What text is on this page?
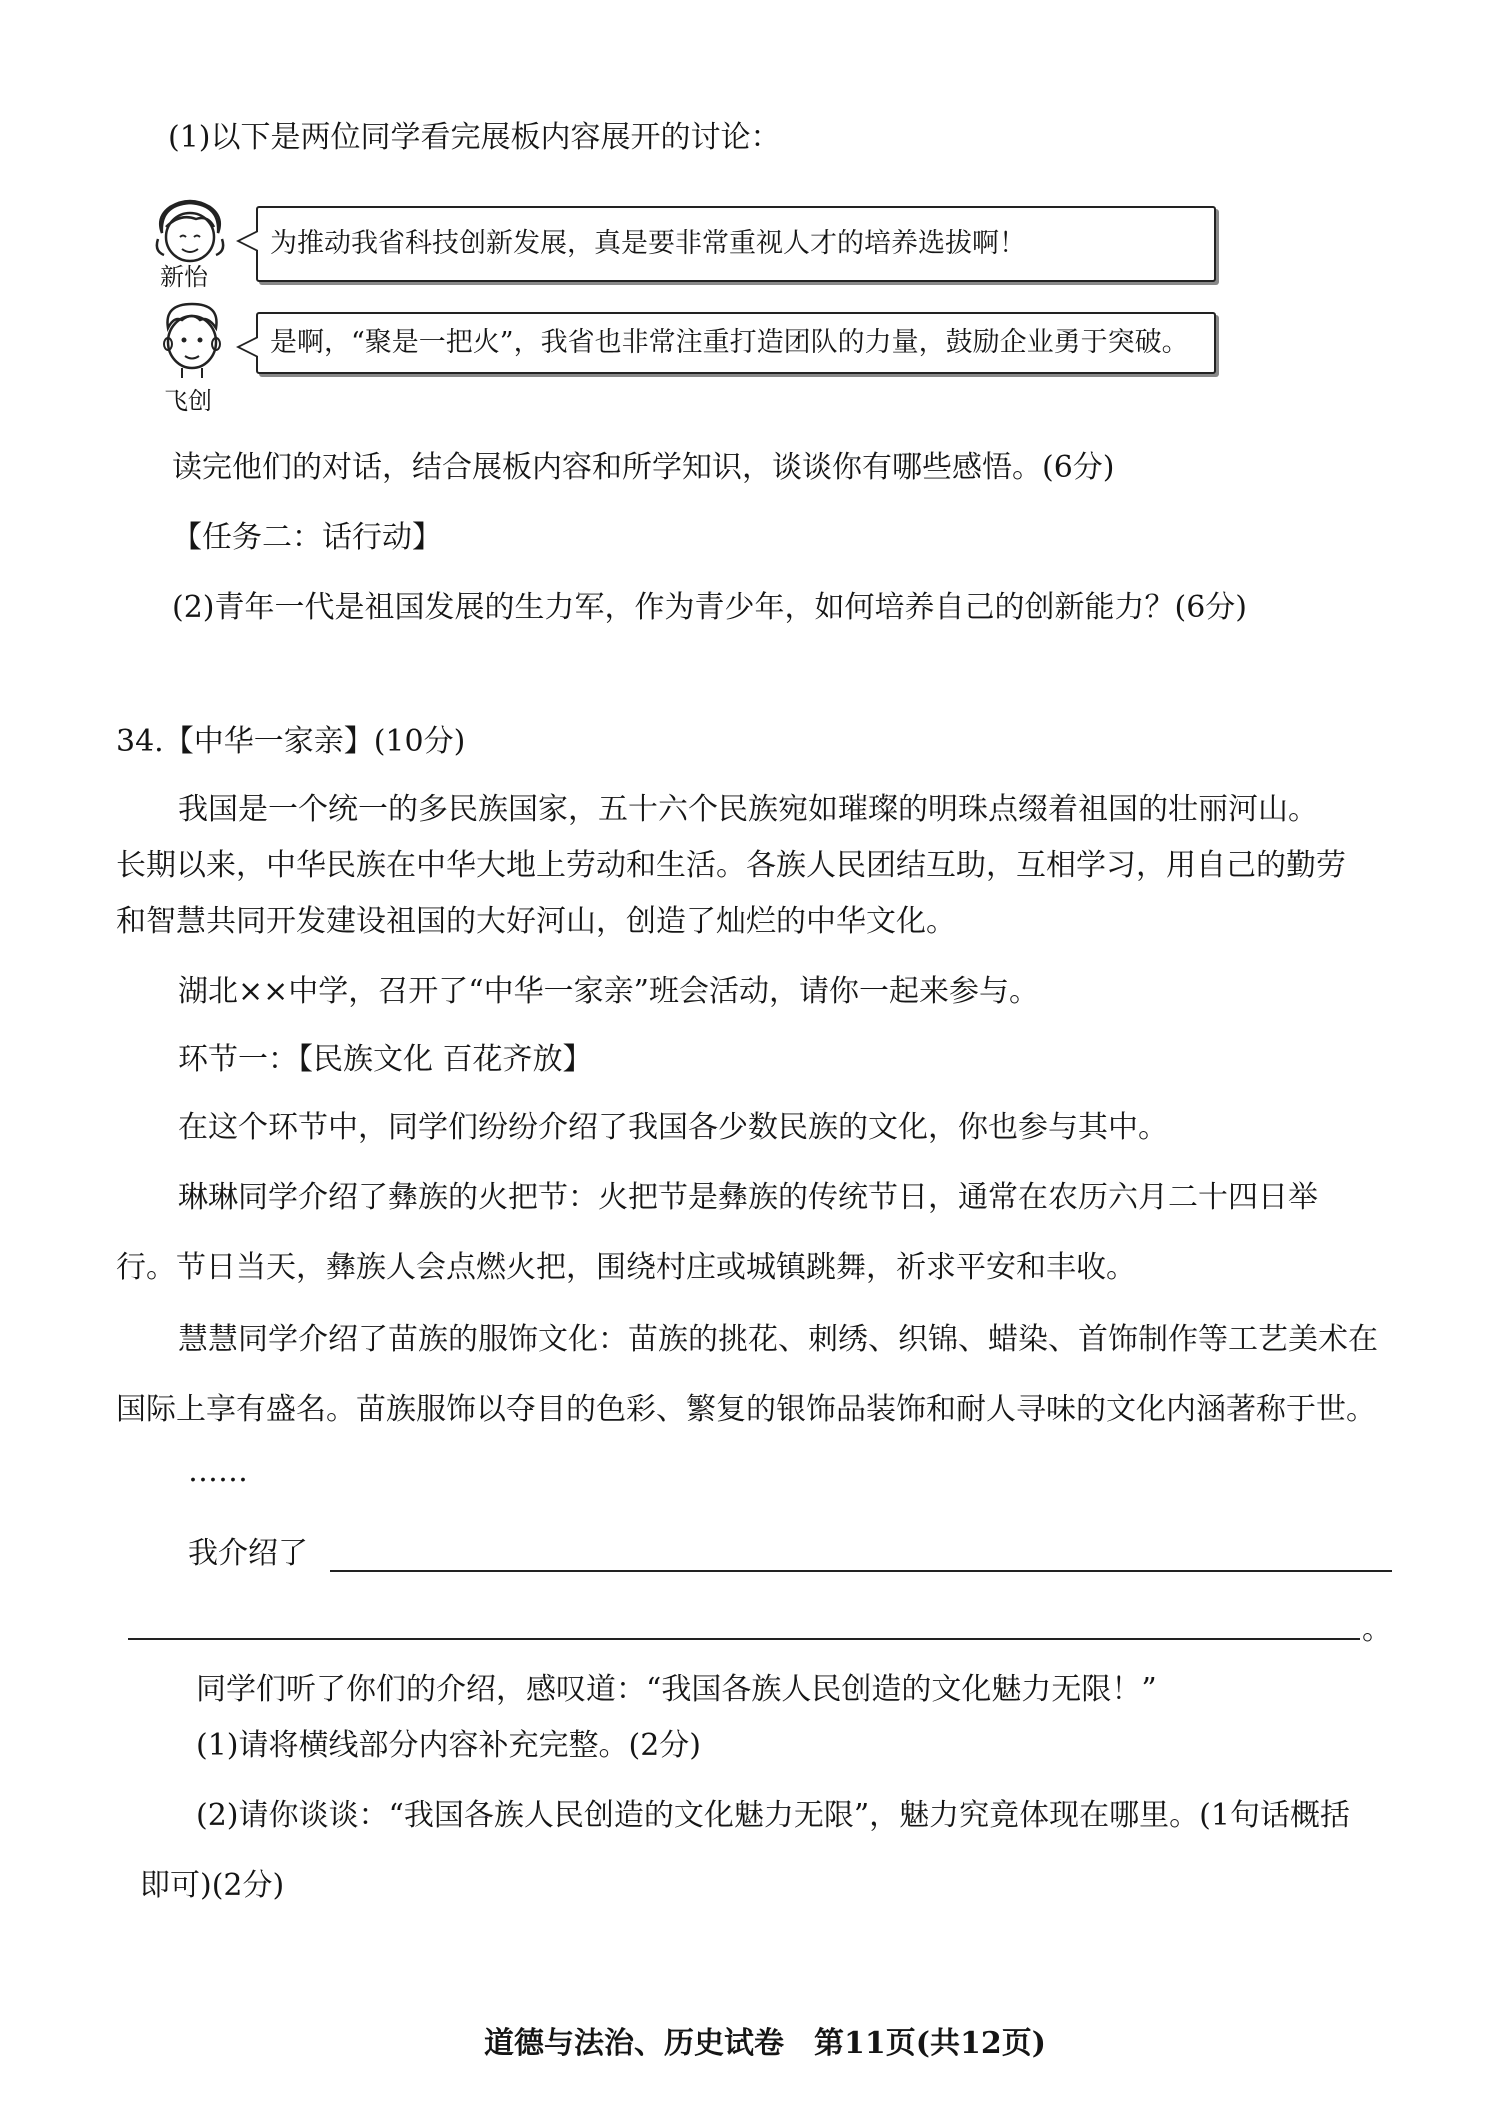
(1)以下是两位同学看完展板内容展开的讨论：
新怡
为推动我省科技创新发展，真是要非常重视人才的培养选拔啊！
飞创
是啊，“聚是一把火”，我省也非常注重打造团队的力量，鼓励企业勇于突破。
读完他们的对话，结合展板内容和所学知识，谈谈你有哪些感悟。(6分)
【任务二：话行动】
(2)青年一代是祖国发展的生力军，作为青少年，如何培养自己的创新能力？(6分)
34.【中华一家亲】(10分)
我国是一个统一的多民族国家，五十六个民族宛如璀璨的明珠点缀着祖国的壮丽河山。
长期以来，中华民族在中华大地上劳动和生活。各族人民团结互助，互相学习，用自己的勤劳
和智慧共同开发建设祖国的大好河山，创造了灿烂的中华文化。
湖北××中学，召开了“中华一家亲”班会活动，请你一起来参与。
环节一：【民族文化 百花齐放】
在这个环节中，同学们纷纷介绍了我国各少数民族的文化，你也参与其中。
琳琳同学介绍了彝族的火把节：火把节是彝族的传统节日，通常在农历六月二十四日举
行。节日当天，彝族人会点燃火把，围绕村庄或城镇跳舞，祈求平安和丰收。
慧慧同学介绍了苗族的服饰文化：苗族的挑花、刺绣、织锦、蜡染、首饰制作等工艺美术在
国际上享有盛名。苗族服饰以夺目的色彩、繁复的银饰品装饰和耐人寻味的文化内涵著称于世。
……
我介绍了
。
同学们听了你们的介绍，感叹道：“我国各族人民创造的文化魅力无限！”
(1)请将横线部分内容补充完整。(2分)
(2)请你谈谈：“我国各族人民创造的文化魅力无限”，魅力究竟体现在哪里。(1句话概括
即可)(2分)
道德与法治、历史试卷　第11页(共12页)
